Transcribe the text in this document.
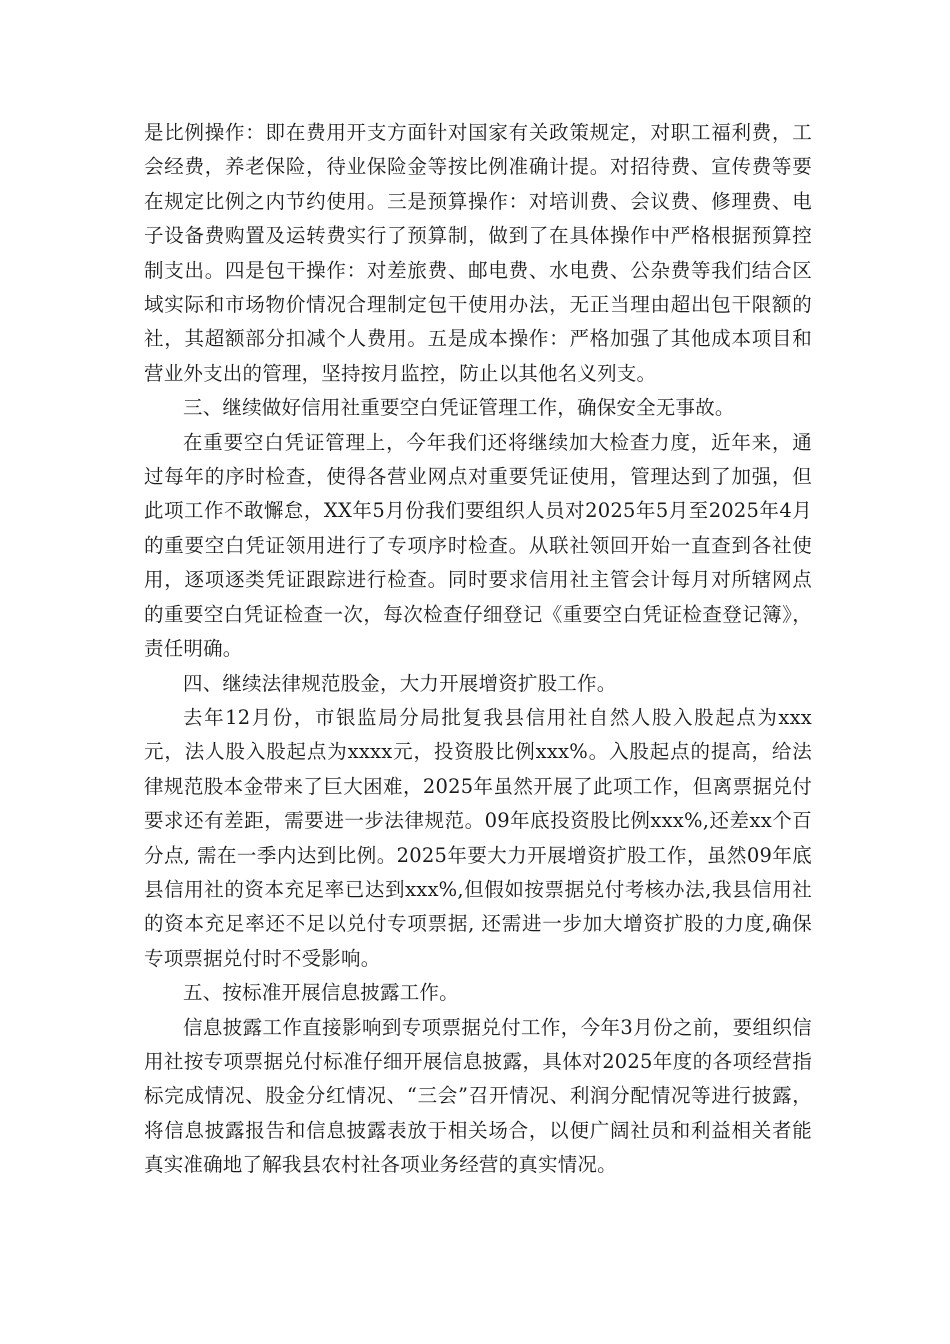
是比例操作：即在费用开支方面针对国家有关政策规定，对职工福利费，工会经费，养老保险，待业保险金等按比例准确计提。对招待费、宣传费等要在规定比例之内节约使用。三是预算操作：对培训费、会议费、修理费、电子设备费购置及运转费实行了预算制，做到了在具体操作中严格根据预算控制支出。四是包干操作：对差旅费、邮电费、水电费、公杂费等我们结合区域实际和市场物价情况合理制定包干使用办法，无正当理由超出包干限额的社，其超额部分扣减个人费用。五是成本操作：严格加强了其他成本项目和营业外支出的管理，坚持按月监控，防止以其他名义列支。

三、继续做好信用社重要空白凭证管理工作，确保安全无事故。

在重要空白凭证管理上，今年我们还将继续加大检查力度，近年来，通过每年的序时检查，使得各营业网点对重要凭证使用，管理达到了加强，但此项工作不敢懈怠，XX年5月份我们要组织人员对2025年5月至2025年4月的重要空白凭证领用进行了专项序时检查。从联社领回开始一直查到各社使用，逐项逐类凭证跟踪进行检查。同时要求信用社主管会计每月对所辖网点的重要空白凭证检查一次，每次检查仔细登记《重要空白凭证检查登记簿》，责任明确。

四、继续法律规范股金，大力开展增资扩股工作。

去年12月份，市银监局分局批复我县信用社自然人股入股起点为xxx元，法人股入股起点为xxxx元，投资股比例xxx%。入股起点的提高，给法律规范股本金带来了巨大困难，2025年虽然开展了此项工作，但离票据兑付要求还有差距，需要进一步法律规范。09年底投资股比例xxx%,还差xx个百分点, 需在一季内达到比例。2025年要大力开展增资扩股工作，虽然09年底县信用社的资本充足率已达到xxx%,但假如按票据兑付考核办法,我县信用社的资本充足率还不足以兑付专项票据, 还需进一步加大增资扩股的力度,确保专项票据兑付时不受影响。

五、按标准开展信息披露工作。

信息披露工作直接影响到专项票据兑付工作，今年3月份之前，要组织信用社按专项票据兑付标准仔细开展信息披露，具体对2025年度的各项经营指标完成情况、股金分红情况、“三会”召开情况、利润分配情况等进行披露，将信息披露报告和信息披露表放于相关场合，以便广阔社员和利益相关者能真实准确地了解我县农村社各项业务经营的真实情况。
